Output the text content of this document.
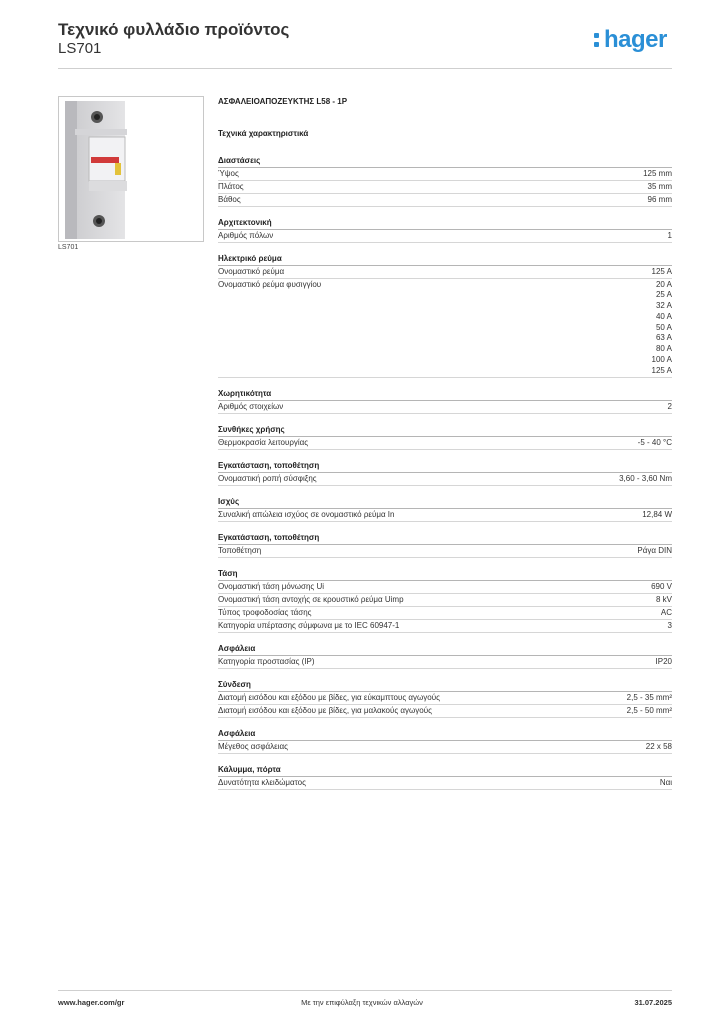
Τεχνικό φυλλάδιο προϊόντος
LS701	hager
LS701
ΑΣΦΑΛΕΙΟΑΠΟΖΕΥΚΤΗΣ L58 - 1P
Τεχνικά χαρακτηριστικά
Διαστάσεις
Ύψος	125 mm
Πλάτος	35 mm
Βάθος	96 mm
Αρχιτεκτονική
Αριθμός πόλων	1
Ηλεκτρικό ρεύμα
Ονομαστικό ρεύμα	125 A
Ονομαστικό ρεύμα φυσιγγίου	20 A
25 A
32 A
40 A
50 A
63 A
80 A
100 A
125 A
Χωρητικότητα
Αριθμός στοιχείων	2
Συνθήκες χρήσης
Θερμοκρασία λειτουργίας	-5 - 40 °C
Εγκατάσταση, τοποθέτηση
Ονομαστική ροπή σύσφιξης	3,60 - 3,60 Nm
Ισχύς
Συναλική απώλεια ισχύος σε ονομαστικό ρεύμα In	12,84 W
Εγκατάσταση, τοποθέτηση
Τοποθέτηση	Ράγα DIN
Τάση
Ονομαστική τάση μόνωσης Ui	690 V
Ονομαστική τάση αντοχής σε κρουστικό ρεύμα Uimp	8 kV
Τύπος τροφοδοσίας τάσης	AC
Κατηγορία υπέρτασης σύμφωνα με το IEC 60947-1	3
Ασφάλεια
Κατηγορία προστασίας (IP)	IP20
Σύνδεση
Διατομή εισόδου και εξόδου με βίδες, για εύκαμπτους αγωγούς	2,5 - 35 mm²
Διατομή εισόδου και εξόδου με βίδες, για μαλακούς αγωγούς	2,5 - 50 mm²
Ασφάλεια
Μέγεθος ασφάλειας	22 x 58
Κάλυμμα, πόρτα
Δυνατότητα κλειδώματος	Ναι
www.hager.com/gr	Με την επιφύλαξη τεχνικών αλλαγών	31.07.2025
